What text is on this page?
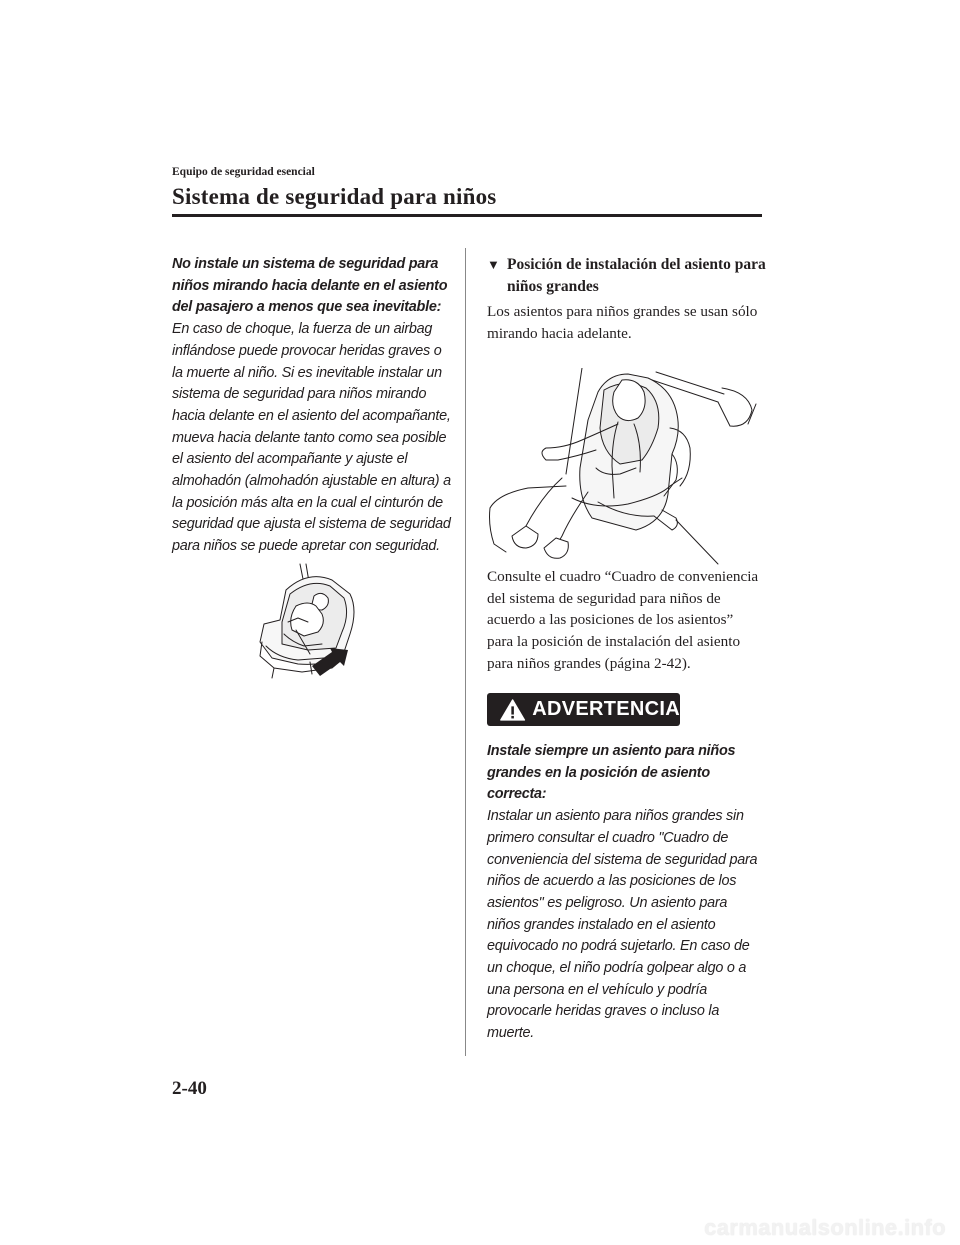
Equipo de seguridad esencial
Sistema de seguridad para niños

No instale un sistema de seguridad para niños mirando hacia delante en el asiento del pasajero a menos que sea inevitable:

En caso de choque, la fuerza de un airbag inflándose puede provocar heridas graves o la muerte al niño. Si es inevitable instalar un sistema de seguridad para niños mirando hacia delante en el asiento del acompañante, mueva hacia delante tanto como sea posible el asiento del acompañante y ajuste el almohadón (almohadón ajustable en altura) a la posición más alta en la cual el cinturón de seguridad que ajusta el sistema de seguridad para niños se puede apretar con seguridad.

▼ Posición de instalación del asiento para niños grandes
Los asientos para niños grandes se usan sólo mirando hacia adelante.
Consulte el cuadro “Cuadro de conveniencia del sistema de seguridad para niños de acuerdo a las posiciones de los asientos” para la posición de instalación del asiento para niños grandes (página 2-42).
ADVERTENCIA

Instale siempre un asiento para niños grandes en la posición de asiento correcta:

Instalar un asiento para niños grandes sin primero consultar el cuadro "Cuadro de conveniencia del sistema de seguridad para niños de acuerdo a las posiciones de los asientos" es peligroso. Un asiento para niños grandes instalado en el asiento equivocado no podrá sujetarlo. En caso de un choque, el niño podría golpear algo o a una persona en el vehículo y podría provocarle heridas graves o incluso la muerte.

2-40
carmanualsonline.info
